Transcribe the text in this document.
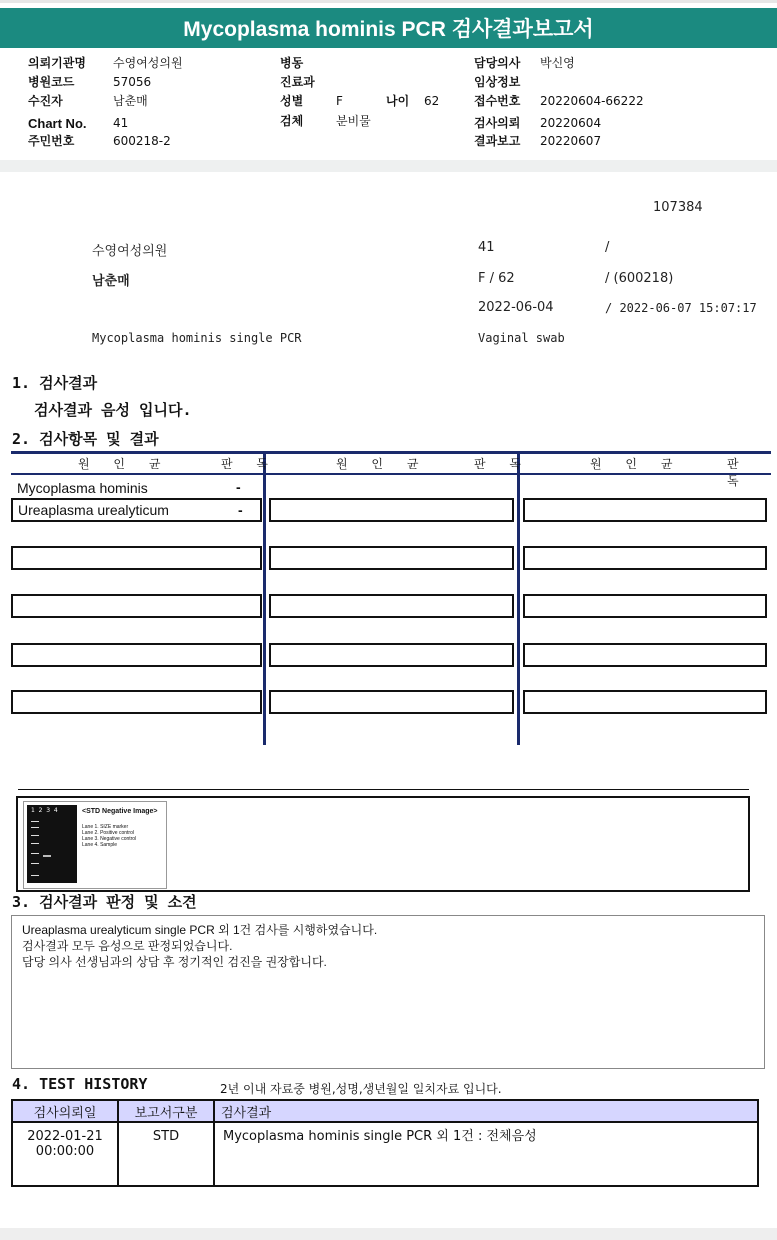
Mycoplasma hominis PCR 검사결과보고서
의뢰기관명 수영여성의원
병원코드	57056
수진자	남춘매
Chart No. 41
주민번호	600218-2
병동
진료과
성별	F	나이 62
검체	분비물
담당의사 박신영
임상정보
접수번호 20220604-66222
검사의뢰 20220604
결과보고 20220607
107384
수영여성의원	41	/
남춘매	F / 62	/ (600218)
2022-06-04	/ 2022-06-07 15:07:17
Mycoplasma hominis single PCR	Vaginal swab
1. 검사결과
검사결과 음성 입니다.
2. 검사항목 및 결과
원 인 균	판 독	원 인 균	판 독	원 인 균	판 독
Mycoplasma hominis	-
Ureaplasma urealyticum	-
1  2  3  4	<STD Negative Image>
Lane 1. SIZE marker
Lane 2. Positive control
Lane 3. Negative control
Lane 4. Sample
3. 검사결과 판정 및 소견
Ureaplasma urealyticum single PCR 외 1건 검사를 시행하였습니다.
검사결과 모두 음성으로 판정되었습니다.
담당 의사 선생님과의 상담 후 정기적인 검진을 권장합니다.
4. TEST HISTORY	2년 이내 자료중 병원,성명,생년월일 일치자료 입니다.
검사의뢰일	보고서구분	검사결과

2022-01-21
00:00:00	STD	Mycoplasma hominis single PCR 외 1건 : 전체음성
